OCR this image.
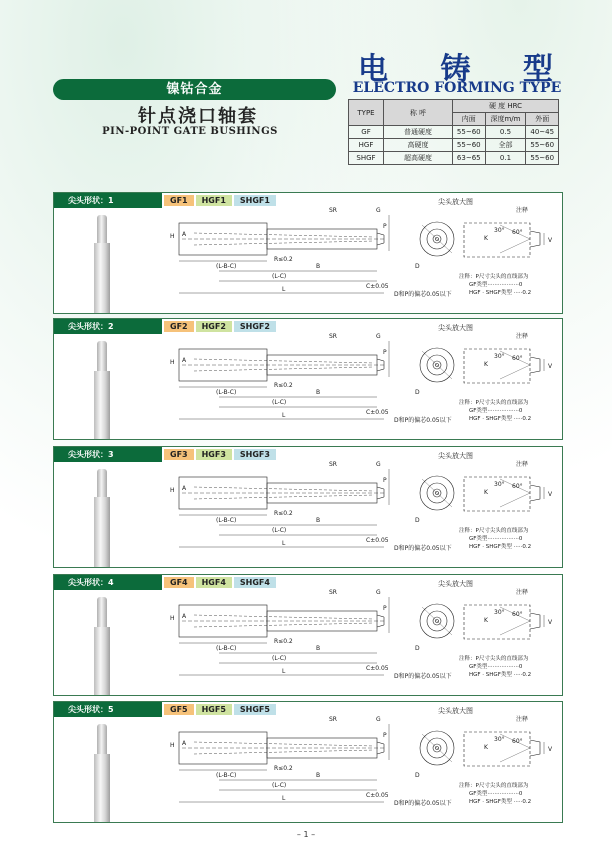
镍钴合金
针点浇口轴套
PIN-POINT GATE BUSHINGS
电 铸 型
ELECTRO FORMING TYPE
TYPE	称 呼	硬 度 HRC		
		内面	深度m/m	外面
GF	普通硬度	55~60	0.5	40~45
HGF	高硬度	55~60	全部	55~60
SHGF	超高硬度	63~65	0.1	55~60
尖头形状：1	GF1	HGF1	SHGF1
SR	G
P
H A
R≤0.2
(L-B-C)	B
(L-C)
C±0.05
L
D
K
30° 60°
V
尖头放大图
注释
D和P的偏芯0.05以下
注释：P尺寸尖头的直线部为
GF类型··················0
HGF · SHGF类型 ·····0.2
尖头形状：2	GF2	HGF2	SHGF2
SR	G
P
H A
R≤0.2
(L-B-C)	B
(L-C)
C±0.05
L
D
K
30° 60°
V
尖头放大图
注释
D和P的偏芯0.05以下
注释：P尺寸尖头的直线部为
GF类型··················0
HGF · SHGF类型 ·····0.2
尖头形状：3	GF3	HGF3	SHGF3
SR	G
P
H A
R≤0.2
(L-B-C)	B
(L-C)
C±0.05
L
D
K
30° 60°
V
尖头放大图
注释
D和P的偏芯0.05以下
注释：P尺寸尖头的直线部为
GF类型··················0
HGF · SHGF类型 ·····0.2
尖头形状：4	GF4	HGF4	SHGF4
SR	G
P
H A
R≤0.2
(L-B-C)	B
(L-C)
C±0.05
L
D
K
30° 60°
V
尖头放大图
注释
D和P的偏芯0.05以下
注释：P尺寸尖头的直线部为
GF类型··················0
HGF · SHGF类型 ·····0.2
尖头形状：5	GF5	HGF5	SHGF5
SR	G
P
H A
R≤0.2
(L-B-C)	B
(L-C)
C±0.05
L
D
K
30° 60°
V
尖头放大图
注释
D和P的偏芯0.05以下
注释：P尺寸尖头的直线部为
GF类型··················0
HGF · SHGF类型 ·····0.2
– 1 –
